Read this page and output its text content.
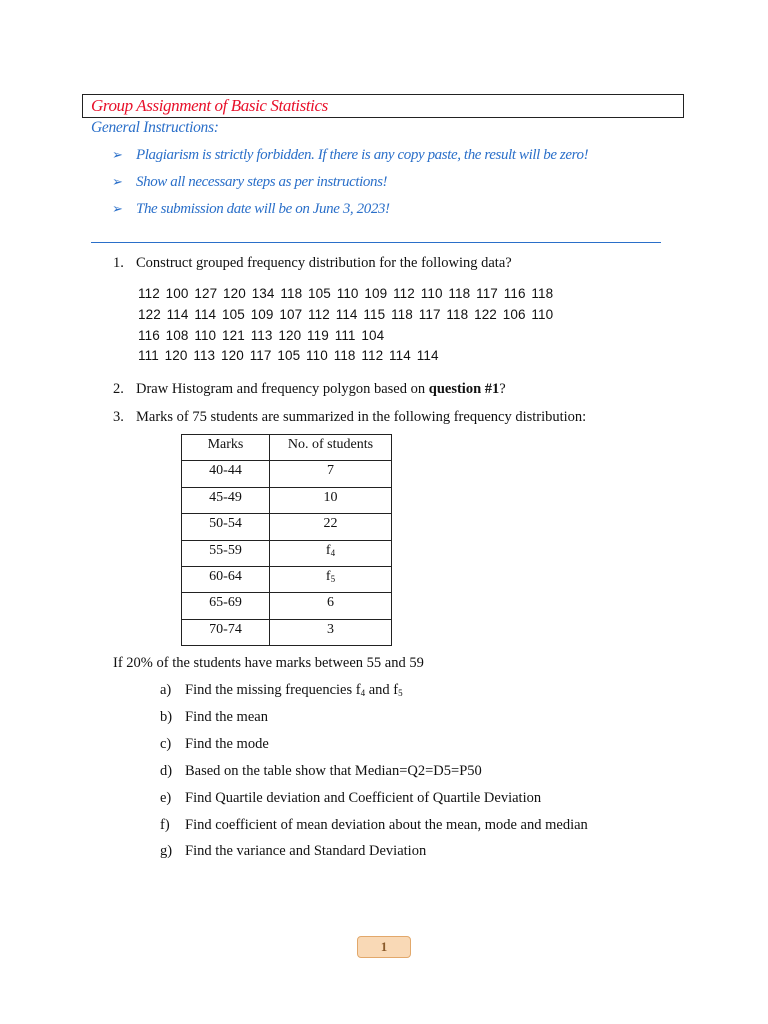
Group Assignment of Basic Statistics
General Instructions:
➢ Plagiarism is strictly forbidden. If there is any copy paste, the result will be zero!
➢ Show all necessary steps as per instructions!
➢ The submission date will be on June 3, 2023!
1. Construct grouped frequency distribution for the following data?
112 100 127 120 134 118 105 110 109 112 110 118 117 116 118
122 114 114 105 109 107 112 114 115 118 117 118 122 106 110
116 108 110 121 113 120 119 111 104
111 120 113 120 117 105 110 118 112 114 114
2. Draw Histogram and frequency polygon based on question #1?
3. Marks of 75 students are summarized in the following frequency distribution:
Marks	No. of students
40-44	7
45-49	10
50-54	22
55-59	$f_4$
60-64	$f_5$
65-69	6
70-74	3
If 20% of the students have marks between 55 and 59
a) Find the missing frequencies $f_4$ and $f_5$
b) Find the mean
c) Find the mode
d) Based on the table show that Median=Q2=D5=P50
e) Find Quartile deviation and Coefficient of Quartile Deviation
f) Find coefficient of mean deviation about the mean, mode and median
g) Find the variance and Standard Deviation
1
